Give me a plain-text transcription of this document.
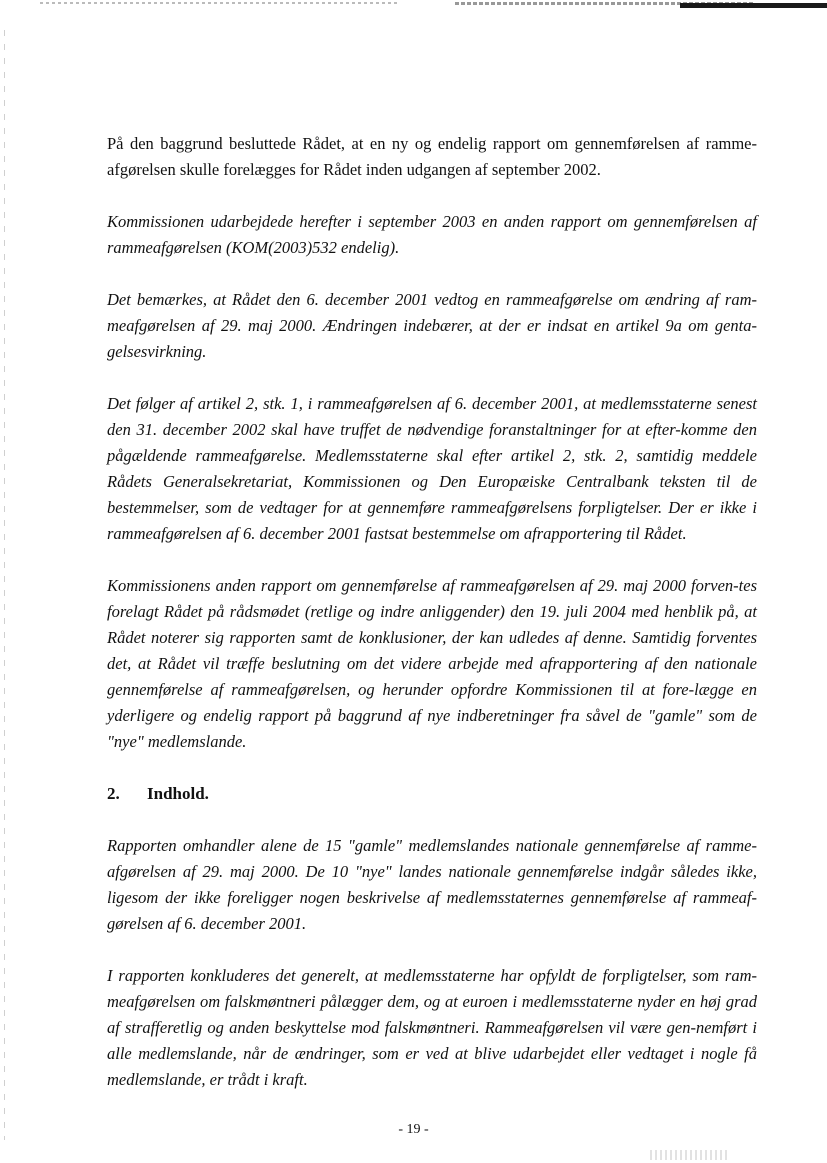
På den baggrund besluttede Rådet, at en ny og endelig rapport om gennemførelsen af ramme-afgørelsen skulle forelægges for Rådet inden udgangen af september 2002.

Kommissionen udarbejdede herefter i september 2003 en anden rapport om gennemførelsen af rammeafgørelsen (KOM(2003)532 endelig).

Det bemærkes, at Rådet den 6. december 2001 vedtog en rammeafgørelse om ændring af ram-meafgørelsen af 29. maj 2000. Ændringen indebærer, at der er indsat en artikel 9a om genta-gelsesvirkning.

Det følger af artikel 2, stk. 1, i rammeafgørelsen af 6. december 2001, at medlemsstaterne senest den 31. december 2002 skal have truffet de nødvendige foranstaltninger for at efter-komme den pågældende rammeafgørelse. Medlemsstaterne skal efter artikel 2, stk. 2, samtidig meddele Rådets Generalsekretariat, Kommissionen og Den Europæiske Centralbank teksten til de bestemmelser, som de vedtager for at gennemføre rammeafgørelsens forpligtelser. Der er ikke i rammeafgørelsen af 6. december 2001 fastsat bestemmelse om afrapportering til Rådet.

Kommissionens anden rapport om gennemførelse af rammeafgørelsen af 29. maj 2000 forven-tes forelagt Rådet på rådsmødet (retlige og indre anliggender) den 19. juli 2004 med henblik på, at Rådet noterer sig rapporten samt de konklusioner, der kan udledes af denne. Samtidig forventes det, at Rådet vil træffe beslutning om det videre arbejde med afrapportering af den nationale gennemførelse af rammeafgørelsen, og herunder opfordre Kommissionen til at fore-lægge en yderligere og endelig rapport på baggrund af nye indberetninger fra såvel de "gamle" som de "nye" medlemslande.

2. Indhold.

Rapporten omhandler alene de 15 "gamle" medlemslandes nationale gennemførelse af ramme-afgørelsen af 29. maj 2000. De 10 "nye" landes nationale gennemførelse indgår således ikke, ligesom der ikke foreligger nogen beskrivelse af medlemsstaternes gennemførelse af rammeaf-gørelsen af 6. december 2001.

I rapporten konkluderes det generelt, at medlemsstaterne har opfyldt de forpligtelser, som ram-meafgørelsen om falskmøntneri pålægger dem, og at euroen i medlemsstaterne nyder en høj grad af strafferetlig og anden beskyttelse mod falskmøntneri. Rammeafgørelsen vil være gen-nemført i alle medlemslande, når de ændringer, som er ved at blive udarbejdet eller vedtaget i nogle få medlemslande, er trådt i kraft.

- 19 -
